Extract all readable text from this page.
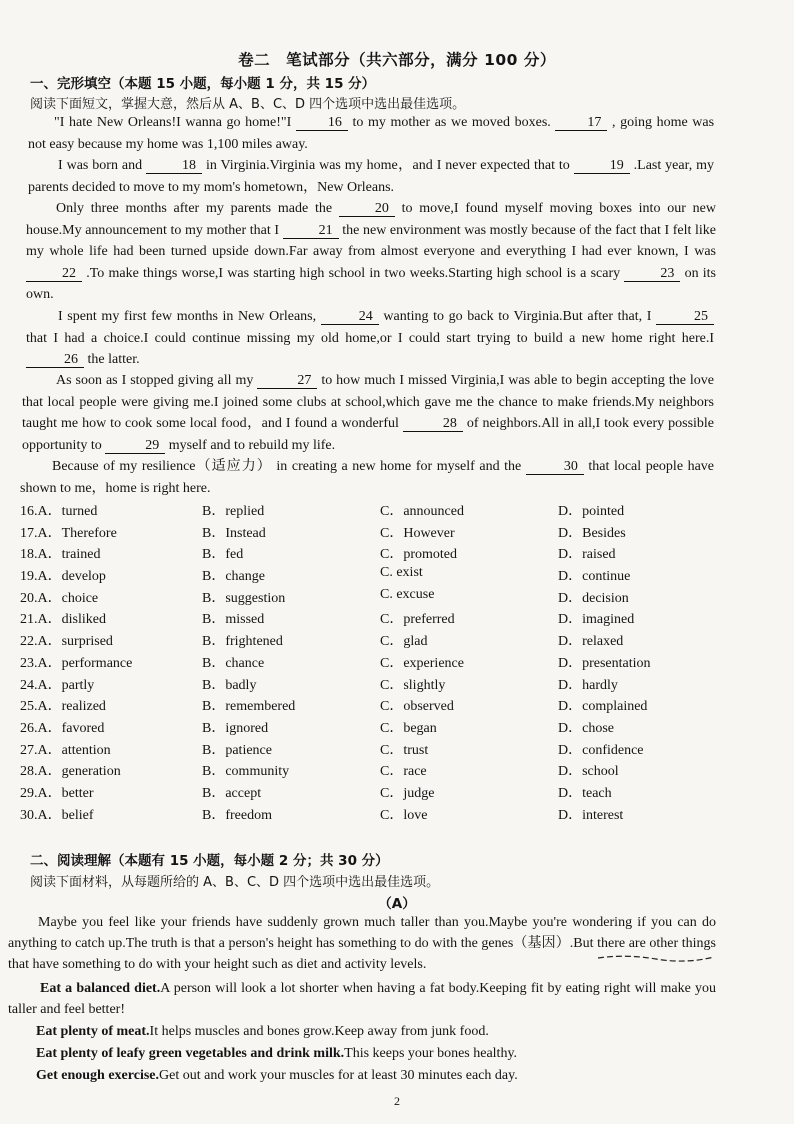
卷二　笔试部分（共六部分，满分 100 分）
一、完形填空（本题 15 小题，每小题 1 分，共 15 分）
阅读下面短文，掌握大意，然后从 A、B、C、D 四个选项中选出最佳选项。
"I hate New Orleans!I wanna go home!"I	16 to my mother as we moved boxes.	17 , going home was not easy because my home was 1,100 miles away.
I was born and	18 in Virginia.Virginia was my home，and I never expected that to	19 .Last year, my parents decided to move to my mom's hometown，New Orleans.
Only three months after my parents made the	20 to move,I found myself moving boxes into our new house.My announcement to my mother that I	21 the new environment was mostly because of the fact that I felt like my whole life had been turned upside down.Far away from almost everyone and everything I had ever known, I was 22 .To make things worse,I was starting high school in two weeks.Starting high school is a scary	23 on its own.
I spent my first few months in New Orleans,	24 wanting to go back to Virginia.But after that, I	25 that I had a choice.I could continue missing my old home,or I could start trying to build a new home right here.I 26 the latter.
As soon as I stopped giving all my	27 to how much I missed Virginia,I was able to begin accepting the love that local people were giving me.I joined some clubs at school,which gave me the chance to make friends.My neighbors taught me how to cook some local food，and I found a wonderful	28 of neighbors.All in all,I took every possible opportunity to	29 myself and to rebuild my life.
Because of my resilience（适应力） in creating a new home for myself and the	30 that local people have shown to me，home is right here.
16.A．turned	B．replied	C．announced	D．pointed
17.A．Therefore	B．Instead	C．However	D．Besides
18.A．trained	B．fed	C．promoted	D．raised
19.A．develop	B．change	C. exist	D．continue
20.A．choice	B．suggestion	C. excuse	D．decision
21.A．disliked	B．missed	C．preferred	D．imagined
22.A．surprised	B．frightened	C．glad	D．relaxed
23.A．performance	B．chance	C．experience	D．presentation
24.A．partly	B．badly	C．slightly	D．hardly
25.A．realized	B．remembered	C．observed	D．complained
26.A．favored	B．ignored	C．began	D．chose
27.A．attention	B．patience	C．trust	D．confidence
28.A．generation	B．community	C．race	D．school
29.A．better	B．accept	C．judge	D．teach
30.A．belief	B．freedom	C．love	D．interest
二、阅读理解（本题有 15 小题，每小题 2 分；共 30 分）
阅读下面材料，从每题所给的 A、B、C、D 四个选项中选出最佳选项。
（A）
Maybe you feel like your friends have suddenly grown much taller than you.Maybe you're wondering if you can do anything to catch up.The truth is that a person's height has something to do with the genes（基因）.But there are other things that have something to do with your height such as diet and activity levels.
Eat a balanced diet.A person will look a lot shorter when having a fat body.Keeping fit by eating right will make you taller and feel better!
Eat plenty of meat.It helps muscles and bones grow.Keep away from junk food.
Eat plenty of leafy green vegetables and drink milk.This keeps your bones healthy.
Get enough exercise.Get out and work your muscles for at least 30 minutes each day.
2
